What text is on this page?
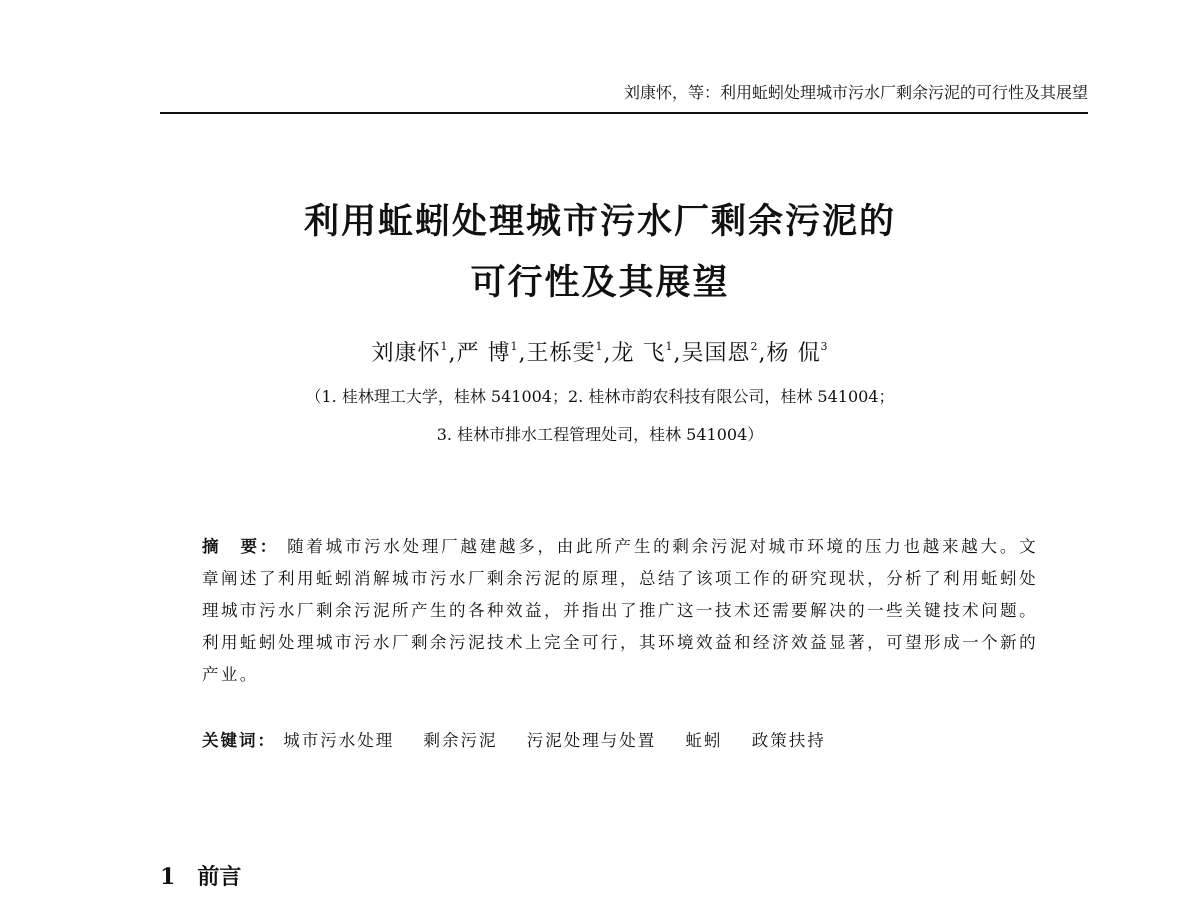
刘康怀，等：利用蚯蚓处理城市污水厂剩余污泥的可行性及其展望
利用蚯蚓处理城市污水厂剩余污泥的
可行性及其展望
刘康怀$^1$,严 博$^1$,王栎雯$^1$,龙 飞$^1$,吴国恩$^2$,杨 侃$^3$
（1. 桂林理工大学，桂林 541004；2. 桂林市韵农科技有限公司，桂林 541004；
3. 桂林市排水工程管理处司，桂林 541004）
摘　要： 随着城市污水处理厂越建越多，由此所产生的剩余污泥对城市环境的压力也越来越大。文章阐述了利用蚯蚓消解城市污水厂剩余污泥的原理，总结了该项工作的研究现状，分析了利用蚯蚓处理城市污水厂剩余污泥所产生的各种效益，并指出了推广这一技术还需要解决的一些关键技术问题。利用蚯蚓处理城市污水厂剩余污泥技术上完全可行，其环境效益和经济效益显著，可望形成一个新的产业。
关键词： 城市污水处理 剩余污泥 污泥处理与处置 蚯蚓 政策扶持
1 前言
